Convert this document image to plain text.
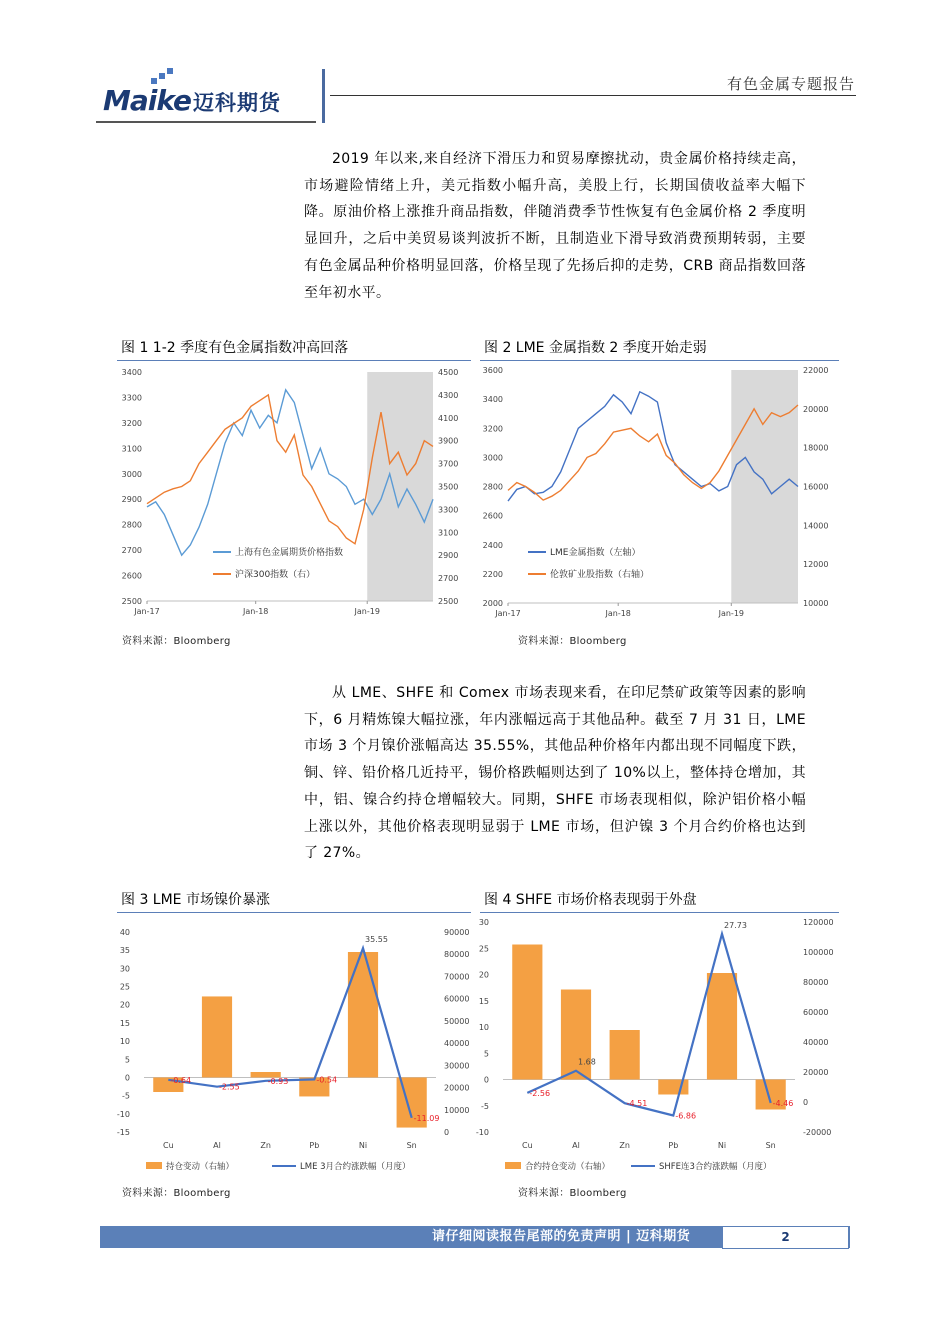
Maike迈科期货
有色金属专题报告
2019 年以来,来自经济下滑压力和贸易摩擦扰动，贵金属价格持续走高，市场避险情绪上升，美元指数小幅升高，美股上行，长期国债收益率大幅下降。原油价格上涨推升商品指数，伴随消费季节性恢复有色金属价格 2 季度明显回升，之后中美贸易谈判波折不断，且制造业下滑导致消费预期转弱，主要有色金属品种价格明显回落，价格呈现了先扬后抑的走势，CRB 商品指数回落至年初水平。
图 1 1-2 季度有色金属指数冲高回落	图 2 LME 金属指数 2 季度开始走弱
2500
2600
2700
2800
2900
3000
3100
3200
3300
3400
2500
2700
2900
3100
3300
3500
3700
3900
4100
4300
4500
Jan-17	Jan-18	Jan-19
上海有色金属期货价格指数
沪深300指数（右）
2000
2200
2400
2600
2800
3000
3200
3400
3600
10000
12000
14000
16000
18000
20000
22000
Jan-17	Jan-18	Jan-19
LME金属指数（左轴）
伦敦矿业股指数（右轴）
资料来源：Bloomberg	资料来源：Bloomberg
从 LME、SHFE 和 Comex 市场表现来看，在印尼禁矿政策等因素的影响下，6 月精炼镍大幅拉涨，年内涨幅远高于其他品种。截至 7 月 31 日，LME 市场 3 个月镍价涨幅高达 35.55%，其他品种价格年内都出现不同幅度下跌，铜、锌、铅价格几近持平，锡价格跌幅则达到了 10%以上，整体持仓增加，其中，铝、镍合约持仓增幅较大。同期，SHFE 市场表现相似，除沪铝价格小幅上涨以外，其他价格表现明显弱于 LME 市场，但沪镍 3 个月合约价格也达到了 27%。
图 3 LME 市场镍价暴涨	图 4 SHFE 市场价格表现弱于外盘
-15
-10
-5
0
5
10
15
20
25
30
35
40
0
10000
20000
30000
40000
50000
60000
70000
80000
90000
Cu	Al	Zn	Pb	Ni	Sn
-0.64
-2.55
-0.93	-0.54
35.55
-11.09
持仓变动（右轴）	LME 3月合约涨跌幅（月度）
-10
-5
0
5
10
15
20
25
30
-20000
0
20000
40000
60000
80000
100000
120000
Cu	Al	Zn	Pb	Ni	Sn
-2.56
1.68
-4.51
-6.86
27.73
-4.46
合约持仓变动（右轴）	SHFE连3合约涨跌幅（月度）
资料来源：Bloomberg	资料来源：Bloomberg
请仔细阅读报告尾部的免责声明 | 迈科期货	2
